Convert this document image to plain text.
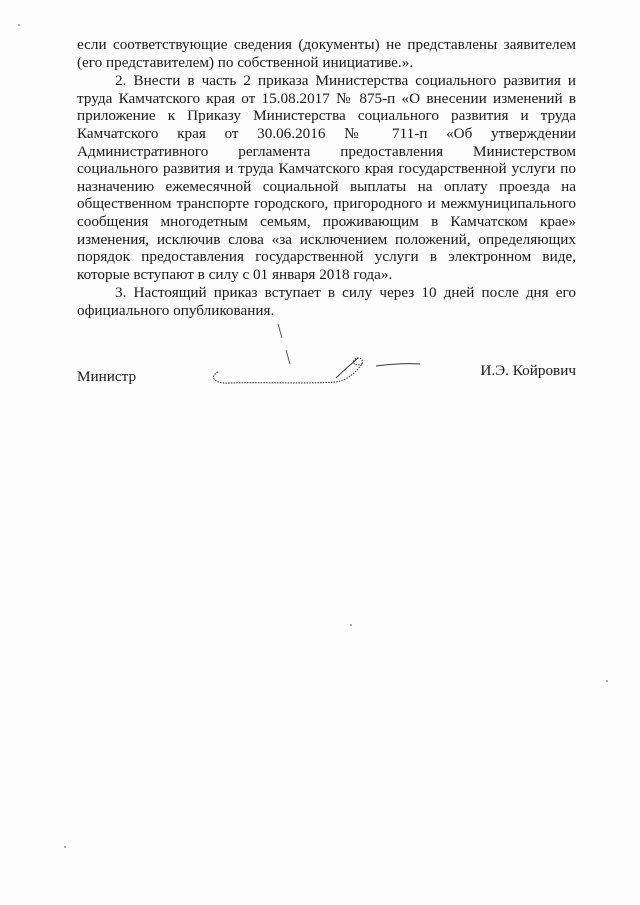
если соответствующие сведения (документы) не представлены заявителем (его представителем) по собственной инициативе.».

2. Внести в часть 2 приказа Министерства социального развития и труда Камчатского края от 15.08.2017 № 875-п «О внесении изменений в приложение к Приказу Министерства социального развития и труда Камчатского края от 30.06.2016 № 711-п «Об утверждении Административного регламента предоставления Министерством социального развития и труда Камчатского края государственной услуги по назначению ежемесячной социальной выплаты на оплату проезда на общественном транспорте городского, пригородного и межмуниципального сообщения многодетным семьям, проживающим в Камчатском крае» изменения, исключив слова «за исключением положений, определяющих порядок предоставления государственной услуги в электронном виде, которые вступают в силу с 01 января 2018 года».

3. Настоящий приказ вступает в силу через 10 дней после дня его официального опубликования.

Министр	И.Э. Койрович
